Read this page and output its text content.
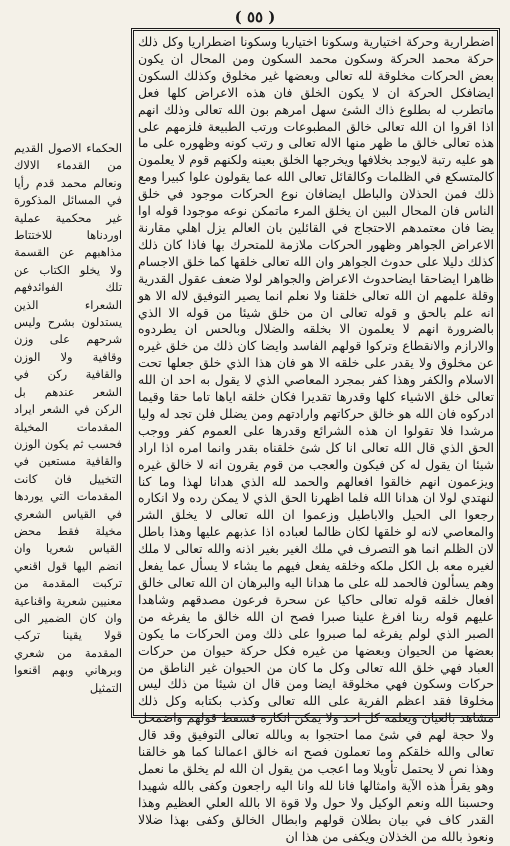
( ٥٥ )

اضطرارية وحركة اختيارية وسكونا اختياريا وسكونا اضطراريا وكل ذلك حركة محمد الحركة وسكون محمد السكون ومن المحال ان يكون بعض الحركات مخلوقة لله تعالى وبعضها غير مخلوق وكذلك السكون ايضافكل الحركة ان لا يكون الخلق فان هذه الاعراض كلها فعل ماتطرب له بطلوع ذاك الشئ سهل امرهم بون الله تعالى وذلك انهم اذا اقروا ان الله تعالى خالق المطبوعات ورتب الطبيعة فلزمهم على هذه تعالى خالق ما ظهر منها الاله تعالى و رتب كونه وظهوره على ما هو عليه رتبة لايوجد بخلافها ويخرجها الخلق بعينه ولكنهم قوم لا يعلمون كالمتسكع في الظلمات وكالقائل تعالى الله عما يقولون علوا كبيرا ومع ذلك فمن الحذلان والباطل ايضافان نوع الحركات موجود في خلق الناس فان المحال البين ان يخلق المرء ماتمكن نوعه موجودا قوله اوا يضا فان معتمدهم الاحتجاج في القائلين بان العالم يزل اهلي مقارنة الاعراض الجواهر وظهور الحركات ملازمة للمتحرك بها فاذا كان ذلك كذلك دليلا على حدوث الجواهر وان الله تعالى خلقها كما خلق الاجسام ظاهرا ايضاحقا ايضاحدوث الاعراض والجواهر لولا ضعف عقول القدرية وقلة علمهم ان الله تعالى خلقنا ولا نعلم انما يصير التوفيق لاله الا هو انه علم بالحق و قوله تعالى ان من خلق شيئا من قوله الا الذي بالضرورة انهم لا يعلمون الا بخلقه والضلال وبالحس ان يطردوه والارازم والانقطاع وتركوا قولهم الفاسد وايضا كان ذلك من خلق غيره عن مخلوق ولا يقدر على خلقه الا هو فان هذا الذي خلق جعلها تحت الاسلام والكفر وهذا كفر بمجرد المعاصي الذي لا يقول به احد ان الله تعالى خلق الاشياء كلها وقدرها تقديرا فكان خلقه اياها تاما حقا وقيما ادركوه فان الله هو خالق حركاتهم وارادتهم ومن يضلل فلن تجد له وليا مرشدا فلا تقولوا ان هذه الشرائع وقدرها على العموم كفر ووجب الحق الذي قال الله تعالى انا كل شئ خلقناه بقدر وانما امره اذا اراد شيئا ان يقول له كن فيكون والعجب من قوم يقرون انه لا خالق غيره ويزعمون انهم خالقوا افعالهم والحمد لله الذي هدانا لهذا وما كنا لنهتدي لولا ان هدانا الله فلما اظهرنا الحق الذي لا يمكن رده ولا انكاره رجعوا الى الحيل والاباطيل وزعموا ان الله تعالى لا يخلق الشر والمعاصي لانه لو خلقها لكان ظالما لعباده اذا عذبهم عليها وهذا باطل لان الظلم انما هو التصرف في ملك الغير بغير اذنه والله تعالى لا ملك لغيره معه بل الكل ملكه وخلقه يفعل فيهم ما يشاء لا يسأل عما يفعل وهم يسألون فالحمد لله على ما هدانا اليه والبرهان ان الله تعالى خالق افعال خلقه قوله تعالى حاكيا عن سحرة فرعون مصدقهم وشاهدا عليهم قوله ربنا افرغ علينا صبرا فصح ان الله خالق ما يفرغه من الصبر الذي لولم يفرغه لما صبروا على ذلك ومن الحركات ما يكون بعضها من الحيوان وبعضها من غيره فكل حركة حيوان من حركات العباد فهي خلق الله تعالى وكل ما كان من الحيوان غير الناطق من حركات وسكون فهي مخلوقة ايضا ومن قال ان شيئا من ذلك ليس مخلوقا فقد اعظم الفرية على الله تعالى وكذب بكتابه وكل ذلك مشاهد بالعيان ويعلمه كل احد ولا يمكن انكاره فسقط قولهم واضمحل ولا حجة لهم في شئ مما احتجوا به وبالله تعالى التوفيق وقد قال تعالى والله خلقكم وما تعملون فصح انه خالق اعمالنا كما هو خالقنا وهذا نص لا يحتمل تأويلا وما اعجب من يقول ان الله لم يخلق ما نعمل وهو يقرأ هذه الآية وامثالها فانا لله وانا اليه راجعون وكفى بالله شهيدا وحسبنا الله ونعم الوكيل ولا حول ولا قوة الا بالله العلي العظيم وهذا القدر كاف في بيان بطلان قولهم وابطال الخالق وكفى بهذا ضلالا ونعوذ بالله من الخذلان ويكفى من هذا ان

الحكماء الاصول القديم من القدماء الالاك ونعالم محمد قدم رأيا في المسائل المذكورة غير محكمية عملية اوردناها للاختتاط مذاهبهم عن القسمة ولا يخلو الكتاب عن تلك الفوائدفهم الشعراء الذين يستدلون بشرح وليس شرحهم على وزن وقافية ولا الوزن والقافية ركن في الشعر عندهم بل الركن في الشعر ايراد المقدمات المخيلة فحسب ثم يكون الوزن والقافية مستعين في التخييل فان كانت المقدمات التي يوردها في القياس الشعري مخيلة فقط محض القياس شعريا وان انضم اليها قول اقنعي تركبت المقدمة من معنيين شعرية واقناعية وان كان الضمير الى قولا يقينا تركب المقدمة من شعري وبرهاني وبهم اقنعوا التمثيل
